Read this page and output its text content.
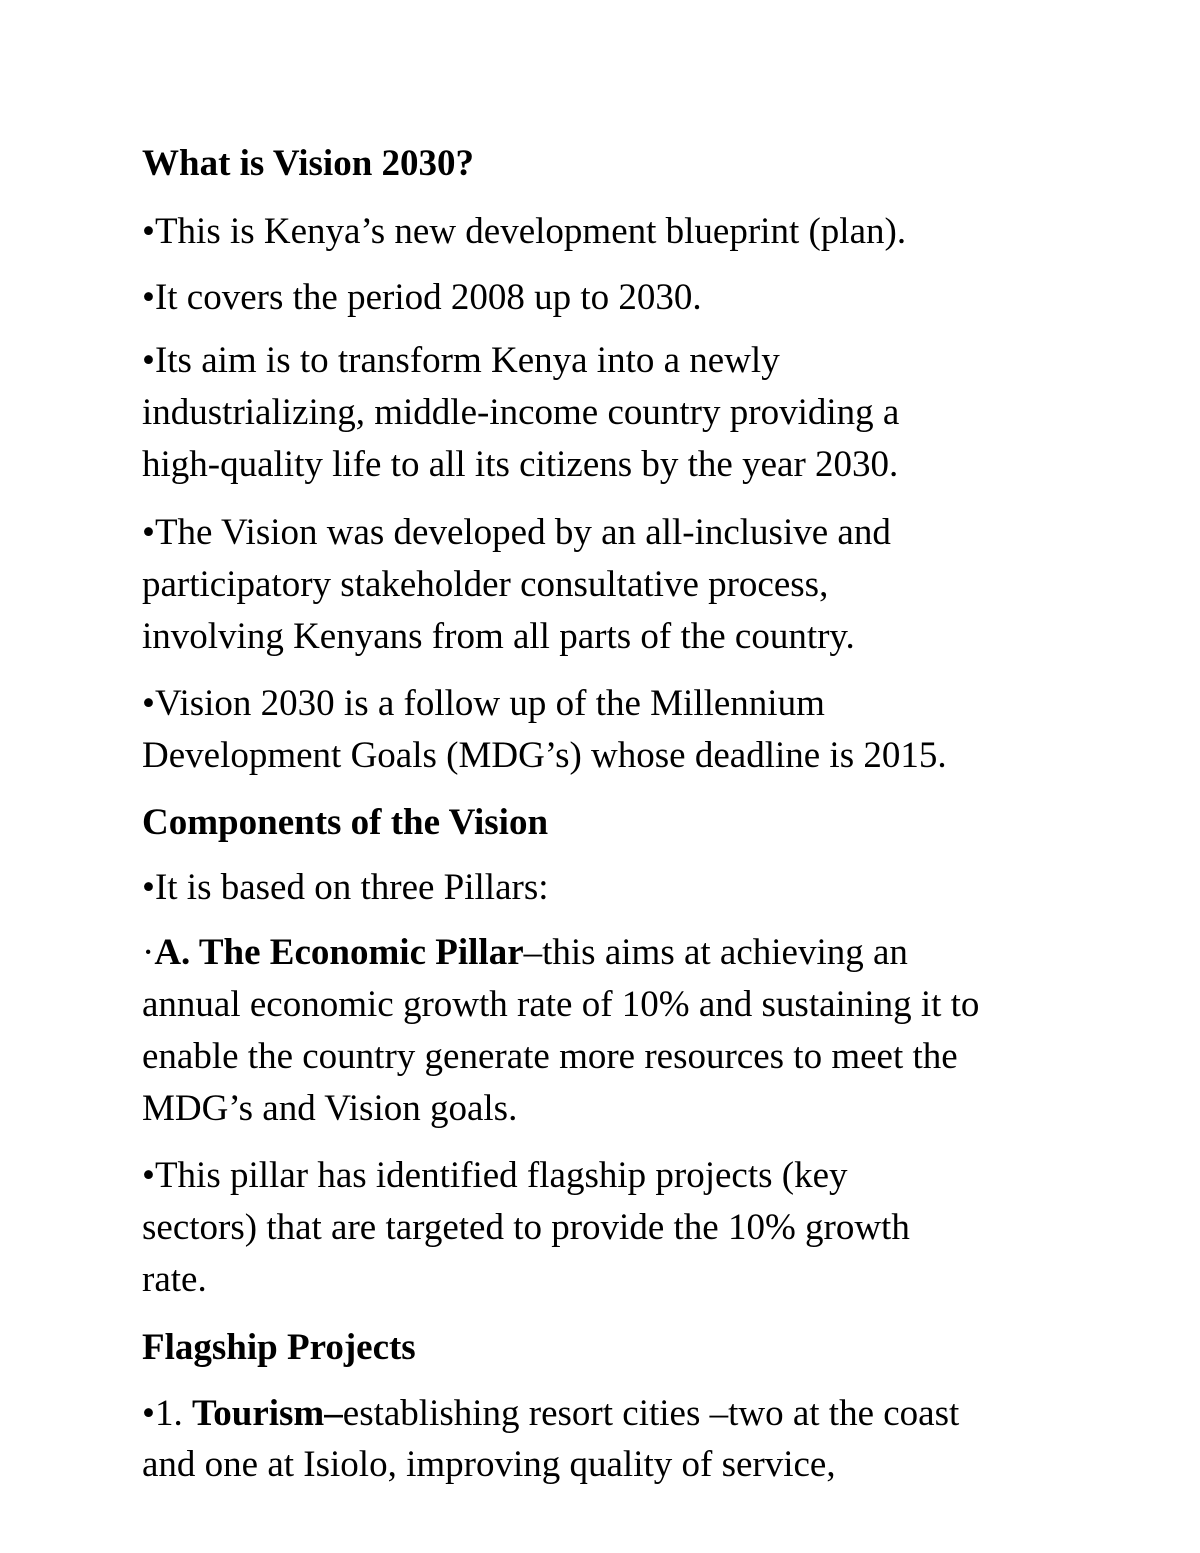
What is Vision 2030?
•This is Kenya’s new development blueprint (plan).
•It covers the period 2008 up to 2030.
•Its aim is to transform Kenya into a newly
industrializing, middle-income country providing a
high-quality life to all its citizens by the year 2030.
•The Vision was developed by an all-inclusive and
participatory stakeholder consultative process,
involving Kenyans from all parts of the country.
•Vision 2030 is a follow up of the Millennium
Development Goals (MDG’s) whose deadline is 2015.
Components of the Vision
•It is based on three Pillars:
·A. The Economic Pillar–this aims at achieving an
annual economic growth rate of 10% and sustaining it to
enable the country generate more resources to meet the
MDG’s and Vision goals.
•This pillar has identified flagship projects (key
sectors) that are targeted to provide the 10% growth
rate.
Flagship Projects
•1. Tourism–establishing resort cities –two at the coast
and one at Isiolo, improving quality of service,
